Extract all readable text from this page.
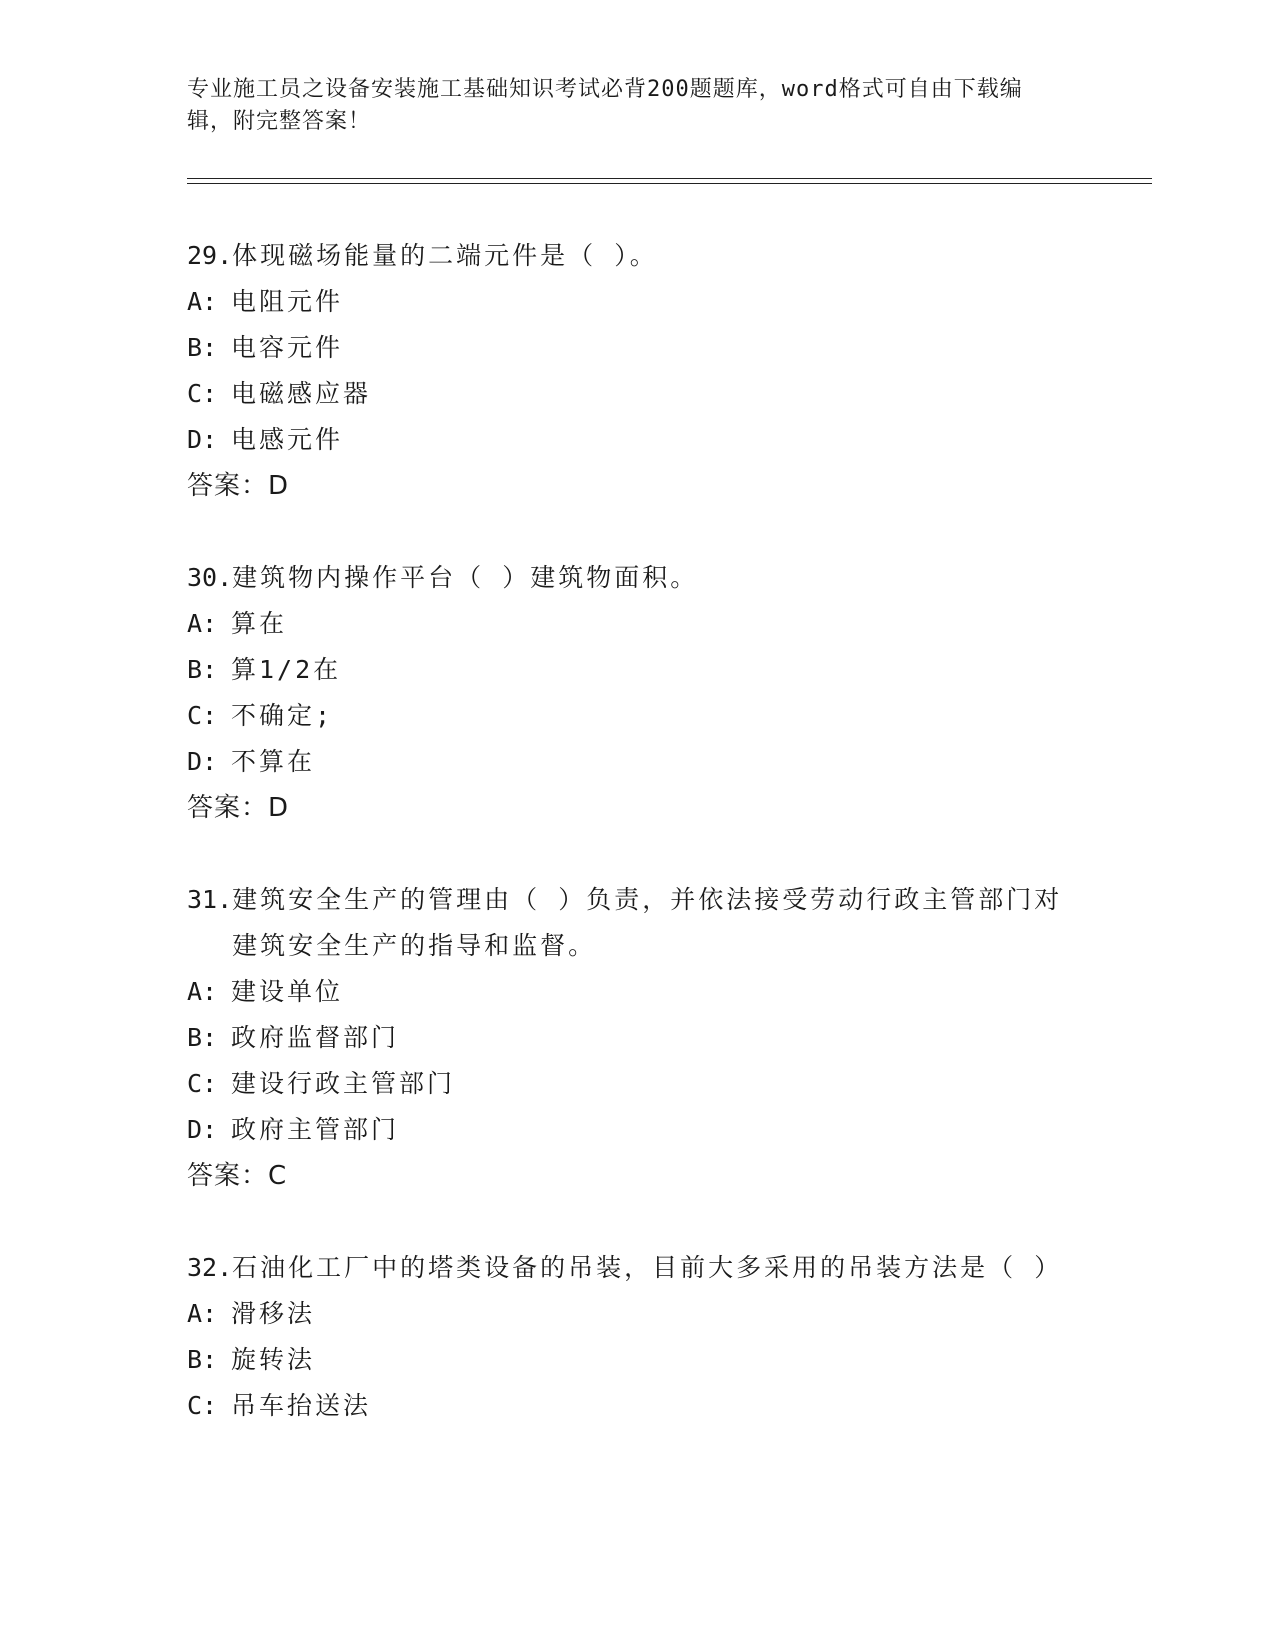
专业施工员之设备安装施工基础知识考试必背200题题库，word格式可自由下载编辑，附完整答案！
29. 体现磁场能量的二端元件是（ ）。
A: 电阻元件
B: 电容元件
C: 电磁感应器
D: 电感元件
答案：D
30. 建筑物内操作平台（ ）建筑物面积。
A: 算在
B: 算1/2在
C: 不确定;
D: 不算在
答案：D
31. 建筑安全生产的管理由（ ）负责，并依法接受劳动行政主管部门对建筑安全生产的指导和监督。
A: 建设单位
B: 政府监督部门
C: 建设行政主管部门
D: 政府主管部门
答案：C
32. 石油化工厂中的塔类设备的吊装，目前大多采用的吊装方法是（ ）
A: 滑移法
B: 旋转法
C: 吊车抬送法
